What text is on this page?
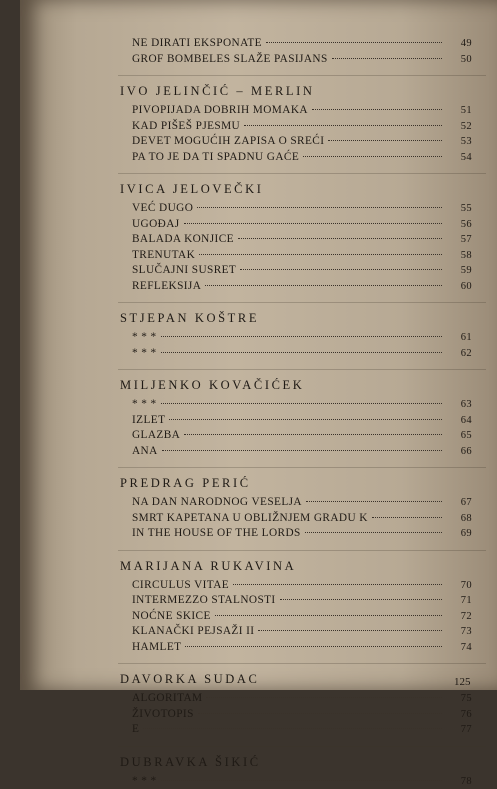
NE DIRATI EKSPONATE	49
GROF BOMBELES SLAŽE PASIJANS	50
IVO JELINČIĆ – MERLIN
PIVOPIJADA DOBRIH MOMAKA	51
KAD PIŠEŠ PJESMU	52
DEVET MOGUĆIH ZAPISA O SREĆI	53
PA TO JE DA TI SPADNU GAĆE	54
IVICA JELOVEČKI
VEĆ DUGO	55
UGOĐAJ	56
BALADA KONJICE	57
TRENUTAK	58
SLUČAJNI SUSRET	59
REFLEKSIJA	60
STJEPAN KOŠTRE
* * *	61
* * *	62
MILJENKO KOVAČIĆEK
* * *	63
IZLET	64
GLAZBA	65
ANA	66
PREDRAG PERIĆ
NA DAN NARODNOG VESELJA	67
SMRT KAPETANA U OBLIŽNJEM GRADU K	68
IN THE HOUSE OF THE LORDS	69
MARIJANA RUKAVINA
CIRCULUS VITAE	70
INTERMEZZO STALNOSTI	71
NOĆNE SKICE	72
KLANAČKI PEJSAŽI II	73
HAMLET	74
DAVORKA SUDAC
ALGORITAM	75
ŽIVOTOPIS	76
E	77
DUBRAVKA ŠIKIĆ
* * *	78
125
